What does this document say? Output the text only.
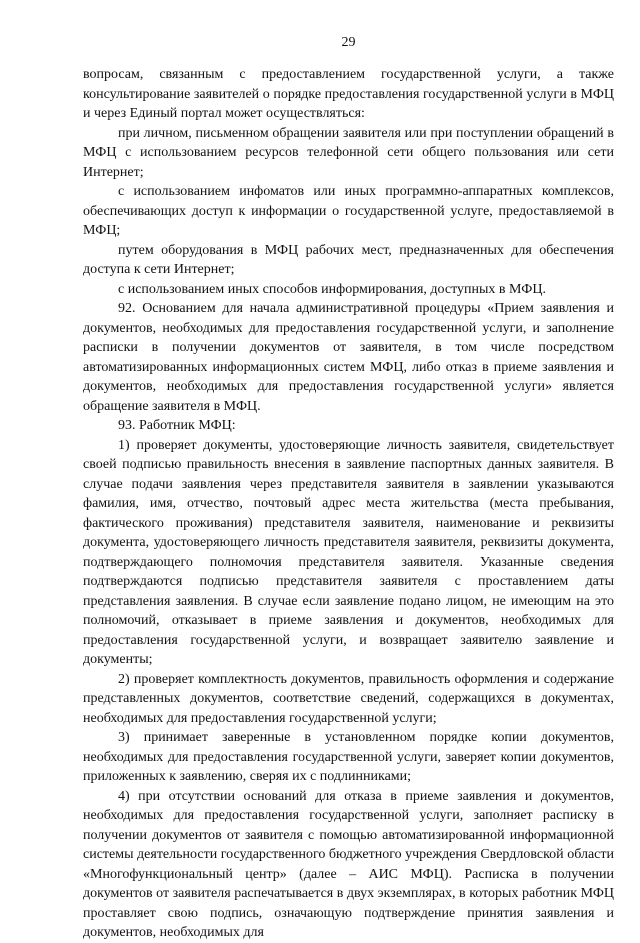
29

вопросам, связанным с предоставлением государственной услуги, а также консультирование заявителей о порядке предоставления государственной услуги в МФЦ и через Единый портал может осуществляться:

при личном, письменном обращении заявителя или при поступлении обращений в МФЦ с использованием ресурсов телефонной сети общего пользования или сети Интернет;

с использованием инфоматов или иных программно-аппаратных комплексов, обеспечивающих доступ к информации о государственной услуге, предоставляемой в МФЦ;

путем оборудования в МФЦ рабочих мест, предназначенных для обеспечения доступа к сети Интернет;

с использованием иных способов информирования, доступных в МФЦ.

92. Основанием для начала административной процедуры «Прием заявления и документов, необходимых для предоставления государственной услуги, и заполнение расписки в получении документов от заявителя, в том числе посредством автоматизированных информационных систем МФЦ, либо отказ в приеме заявления и документов, необходимых для предоставления государственной услуги» является обращение заявителя в МФЦ.

93. Работник МФЦ:

1) проверяет документы, удостоверяющие личность заявителя, свидетельствует своей подписью правильность внесения в заявление паспортных данных заявителя. В случае подачи заявления через представителя заявителя в заявлении указываются фамилия, имя, отчество, почтовый адрес места жительства (места пребывания, фактического проживания) представителя заявителя, наименование и реквизиты документа, удостоверяющего личность представителя заявителя, реквизиты документа, подтверждающего полномочия представителя заявителя. Указанные сведения подтверждаются подписью представителя заявителя с проставлением даты представления заявления. В случае если заявление подано лицом, не имеющим на это полномочий, отказывает в приеме заявления и документов, необходимых для предоставления государственной услуги, и возвращает заявителю заявление и документы;

2) проверяет комплектность документов, правильность оформления и содержание представленных документов, соответствие сведений, содержащихся в документах, необходимых для предоставления государственной услуги;

3) принимает заверенные в установленном порядке копии документов, необходимых для предоставления государственной услуги, заверяет копии документов, приложенных к заявлению, сверяя их с подлинниками;

4) при отсутствии оснований для отказа в приеме заявления и документов, необходимых для предоставления государственной услуги, заполняет расписку в получении документов от заявителя с помощью автоматизированной информационной системы деятельности государственного бюджетного учреждения Свердловской области «Многофункциональный центр» (далее – АИС МФЦ). Расписка в получении документов от заявителя распечатывается в двух экземплярах, в которых работник МФЦ проставляет свою подпись, означающую подтверждение принятия заявления и документов, необходимых для
